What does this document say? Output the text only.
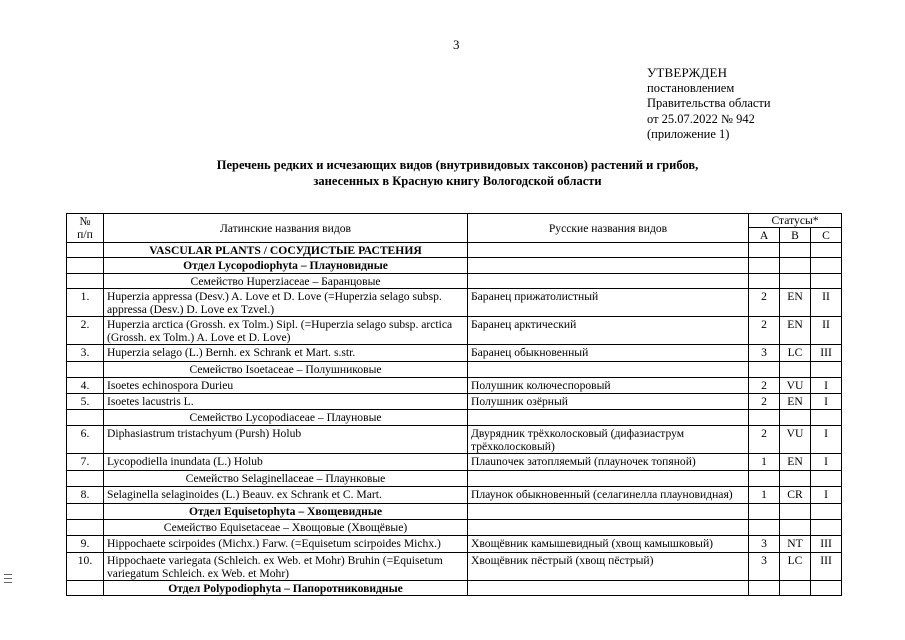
3
УТВЕРЖДЕН
постановлением
Правительства области
от 25.07.2022 № 942
(приложение 1)
Перечень редких и исчезающих видов (внутривидовых таксонов) растений и грибов,
занесенных в Красную книгу Вологодской области
№
п/п	Латинские названия видов	Русские названия видов	Статусы*		
			А	В	С
	VASCULAR PLANTS / СОСУДИСТЫЕ РАСТЕНИЯ				
	Отдел Lycopodiophyta – Плауновидные				
	Семейство Huperziaceae – Баранцовые				
1.	Huperzia appressa (Desv.) A. Love et D. Love (=Huperzia selago subsp. appressa (Desv.) D. Love ex Tzvel.)	Баранец прижатолистный	2	EN	II
2.	Huperzia arctica (Grossh. ex Tolm.) Sipl. (=Huperzia selago subsp. arctica (Grossh. ex Tolm.) A. Love et D. Love)	Баранец арктический	2	EN	II
3.	Huperzia selago (L.) Bernh. ex Schrank et Mart. s.str.	Баранец обыкновенный	3	LC	III
	Семейство Isoetaceae – Полушниковые				
4.	Isoetes echinospora Durieu	Полушник колючеспоровый	2	VU	I
5.	Isoetes lacustris L.	Полушник озёрный	2	EN	I
	Семейство Lycopodiaceae – Плауновые				
6.	Diphasiastrum tristachyum (Pursh) Holub	Двурядник трёхколосковый (дифазиаструм трёхколосковый)	2	VU	I
7.	Lycopodiella inundata (L.) Holub	Плаunoчек затопляемый (плауночек топяной)	1	EN	I
	Семейство Selaginellaceae – Плаунковые				
8.	Selaginella selaginoides (L.) Beauv. ex Schrank et C. Mart.	Плаунок обыкновенный (селагинелла плауновидная)	1	CR	I
	Отдел Equisetophyta – Хвощевидные				
	Семейство Equisetaceae – Хвощовые (Хвощёвые)				
9.	Hippochaete scirpoides (Michx.) Farw. (=Equisetum scirpoides Michx.)	Хвощёвник камышевидный (хвощ камышковый)	3	NT	III
10.	Hippochaete variegata (Schleich. ex Web. et Mohr) Bruhin (=Equisetum variegatum Schleich. ex Web. et Mohr)	Хвощёвник пёстрый (хвощ пёстрый)	3	LC	III
	Отдел Polypodiophyta – Папоротниковидные				
